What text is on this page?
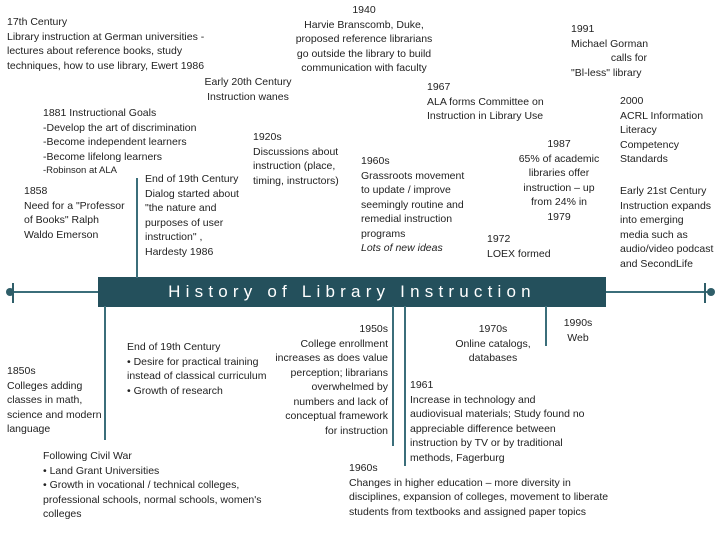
History of Library Instruction
17th Century
Library instruction at German universities -
lectures about reference books, study
techniques, how to use library, Ewert 1986
1881 Instructional Goals
-Develop the art of discrimination
-Become independent learners
-Become lifelong learners
-Robinson at ALA
1858
Need for a "Professor
of Books" Ralph
Waldo Emerson
End of 19th Century
Dialog started about
"the nature and
purposes of user
instruction" ,
Hardesty 1986
Early 20th Century
Instruction wanes
1920s
Discussions about
instruction (place,
timing, instructors)
1940
Harvie Branscomb, Duke,
proposed reference librarians
go outside the library to build
communication with faculty
1960s
Grassroots movement
to update / improve
seemingly routine and
remedial instruction
programs
Lots of new ideas
1967
ALA forms Committee on
Instruction in Library Use
1972
LOEX formed
1987
65% of academic
libraries offer
instruction – up
from 24% in
1979
1991
Michael Gorman
calls for
"Bl-less" library
2000
ACRL Information
Literacy
Competency
Standards
Early 21st Century
Instruction expands
into emerging
media such as
audio/video podcast
and SecondLife
1850s
Colleges adding
classes in math,
science and modern
language
End of 19th Century
• Desire for practical training
instead of classical curriculum
• Growth of research
Following Civil War
• Land Grant Universities
• Growth in vocational / technical colleges,
professional schools, normal schools, women's
colleges
1950s
College enrollment
increases as does value
perception; librarians
overwhelmed by
numbers and lack of
conceptual framework
for instruction
1970s
Online catalogs,
databases
1990s
Web
1961
Increase in technology and
audiovisual materials; Study found no
appreciable difference between
instruction by TV or by traditional
methods, Fagerburg
1960s
Changes in higher education – more diversity in
disciplines, expansion of colleges, movement to liberate
students from textbooks and assigned paper topics
